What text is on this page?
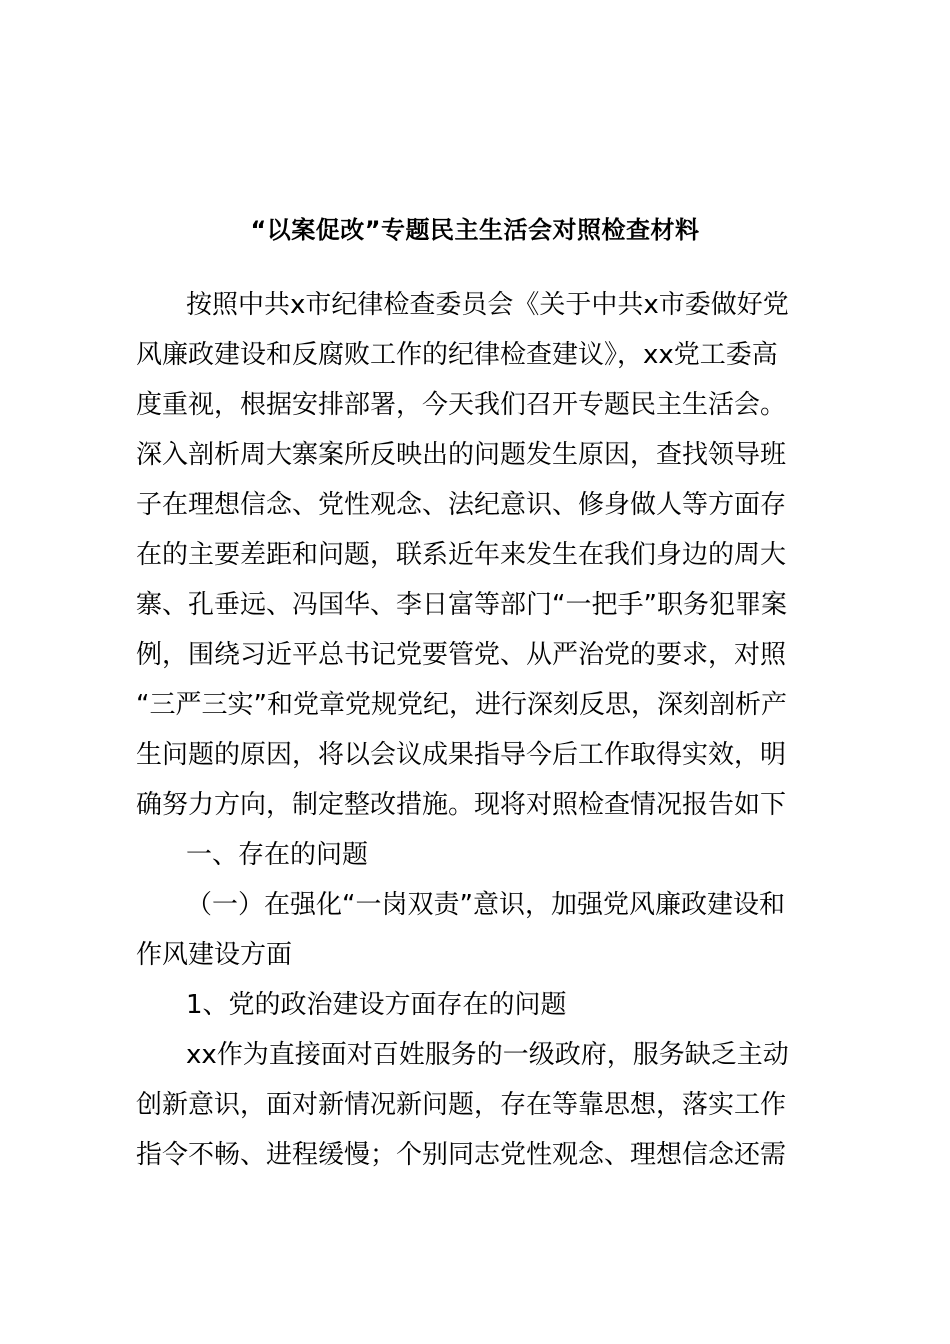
“以案促改”专题民主生活会对照检查材料
按照中共x市纪律检查委员会《关于中共x市委做好党
风廉政建设和反腐败工作的纪律检查建议》，xx党工委高
度重视，根据安排部署，今天我们召开专题民主生活会。
深入剖析周大寨案所反映出的问题发生原因，查找领导班
子在理想信念、党性观念、法纪意识、修身做人等方面存
在的主要差距和问题，联系近年来发生在我们身边的周大
寨、孔垂远、冯国华、李日富等部门“一把手”职务犯罪案
例，围绕习近平总书记党要管党、从严治党的要求，对照
“三严三实”和党章党规党纪，进行深刻反思，深刻剖析产
生问题的原因，将以会议成果指导今后工作取得实效，明
确努力方向，制定整改措施。现将对照检查情况报告如下
一、存在的问题
（一）在强化“一岗双责”意识，加强党风廉政建设和
作风建设方面
1、党的政治建设方面存在的问题
xx作为直接面对百姓服务的一级政府，服务缺乏主动
创新意识，面对新情况新问题，存在等靠思想，落实工作
指令不畅、进程缓慢；个别同志党性观念、理想信念还需
